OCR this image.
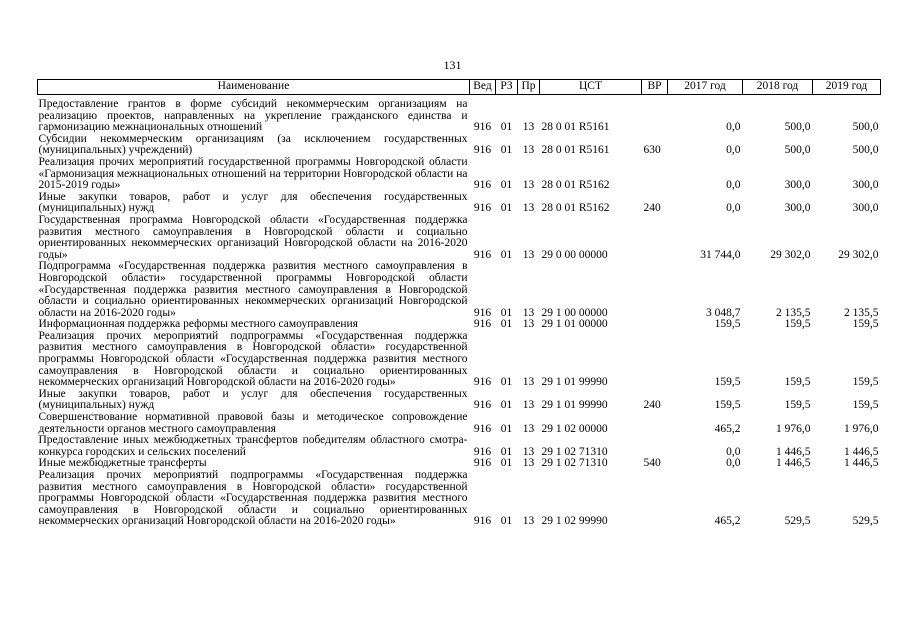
131
Наименование	Вед	РЗ	Пр	ЦСТ	ВР	2017 год	2018 год	2019 год
Предоставление грантов в форме субсидий некоммерческим организациям на реализацию проектов, направленных на укрепление гражданского единства и гармонизацию межнациональных отношений	916	01	13	28 0 01 R5161		0,0	500,0	500,0
Субсидии некоммерческим организациям (за исключением государственных (муниципальных) учреждений)	916	01	13	28 0 01 R5161	630	0,0	500,0	500,0
Реализация прочих мероприятий государственной программы Новгородской области «Гармонизация межнациональных отношений на территории Новгородской области на 2015-2019 годы»	916	01	13	28 0 01 R5162		0,0	300,0	300,0
Иные закупки товаров, работ и услуг для обеспечения государственных (муниципальных) нужд	916	01	13	28 0 01 R5162	240	0,0	300,0	300,0
Государственная программа Новгородской области «Государственная поддержка развития местного самоуправления в Новгородской области и социально ориентированных некоммерческих организаций Новгородской области на 2016-2020 годы»	916	01	13	29 0 00 00000		31 744,0	29 302,0	29 302,0
Подпрограмма «Государственная поддержка развития местного самоуправления в Новгородской области» государственной программы Новгородской области «Государственная поддержка развития местного самоуправления в Новгородской области и социально ориентированных некоммерческих организаций Новгородской области на 2016-2020 годы»	916	01	13	29 1 00 00000		3 048,7	2 135,5	2 135,5
Информационная поддержка реформы местного самоуправления	916	01	13	29 1 01 00000		159,5	159,5	159,5
Реализация прочих мероприятий подпрограммы «Государственная поддержка развития местного самоуправления в Новгородской области» государственной программы Новгородской области «Государственная поддержка развития местного самоуправления в Новгородской области и социально ориентированных некоммерческих организаций Новгородской области на 2016-2020 годы»	916	01	13	29 1 01 99990		159,5	159,5	159,5
Иные закупки товаров, работ и услуг для обеспечения государственных (муниципальных) нужд	916	01	13	29 1 01 99990	240	159,5	159,5	159,5
Совершенствование нормативной правовой базы и методическое сопровождение деятельности органов местного самоуправления	916	01	13	29 1 02 00000		465,2	1 976,0	1 976,0
Предоставление иных межбюджетных трансфертов победителям областного смотра-конкурса городских и сельских поселений	916	01	13	29 1 02 71310		0,0	1 446,5	1 446,5
Иные межбюджетные трансферты	916	01	13	29 1 02 71310	540	0,0	1 446,5	1 446,5
Реализация прочих мероприятий подпрограммы «Государственная поддержка развития местного самоуправления в Новгородской области» государственной программы Новгородской области «Государственная поддержка развития местного самоуправления в Новгородской области и социально ориентированных некоммерческих организаций Новгородской области на 2016-2020 годы»	916	01	13	29 1 02 99990		465,2	529,5	529,5
